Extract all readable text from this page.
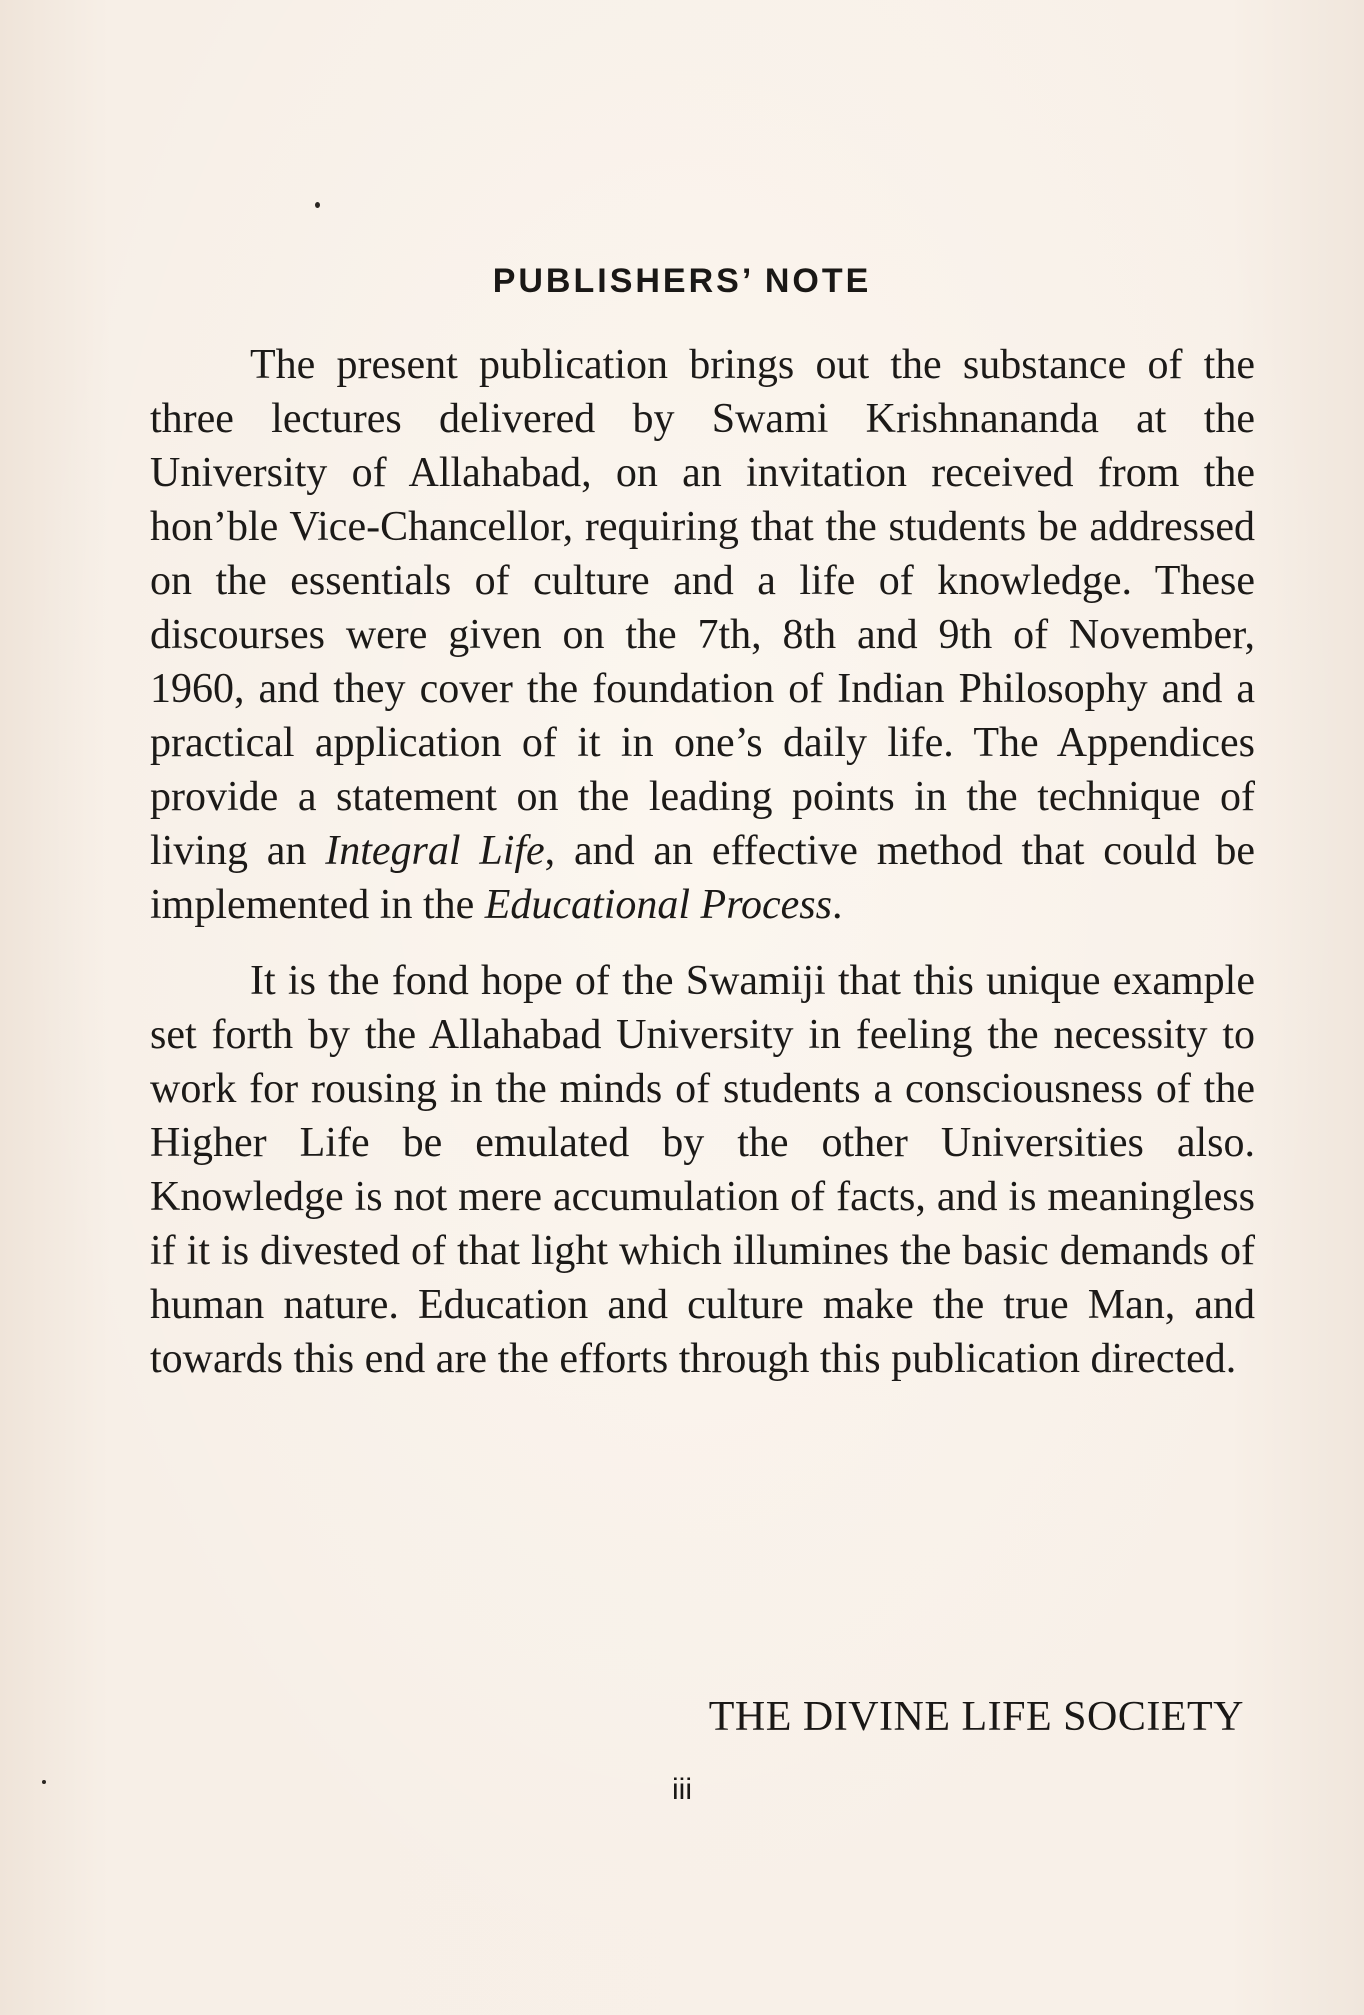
PUBLISHERS’ NOTE

The present publication brings out the substance of the three lectures delivered by Swami Krishnananda at the University of Allahabad, on an invitation received from the hon’ble Vice-Chancellor, requiring that the students be addressed on the essentials of culture and a life of knowledge. These discourses were given on the 7th, 8th and 9th of November, 1960, and they cover the foundation of Indian Philosophy and a practical application of it in one’s daily life. The Appendices provide a statement on the leading points in the technique of living an Integral Life, and an effective method that could be implemented in the Educational Process.

It is the fond hope of the Swamiji that this unique example set forth by the Allahabad University in feeling the necessity to work for rousing in the minds of students a consciousness of the Higher Life be emulated by the other Universities also. Knowledge is not mere accumulation of facts, and is meaningless if it is divested of that light which illumines the basic demands of human nature. Education and culture make the true Man, and towards this end are the efforts through this publication directed.

THE DIVINE LIFE SOCIETY

iii
